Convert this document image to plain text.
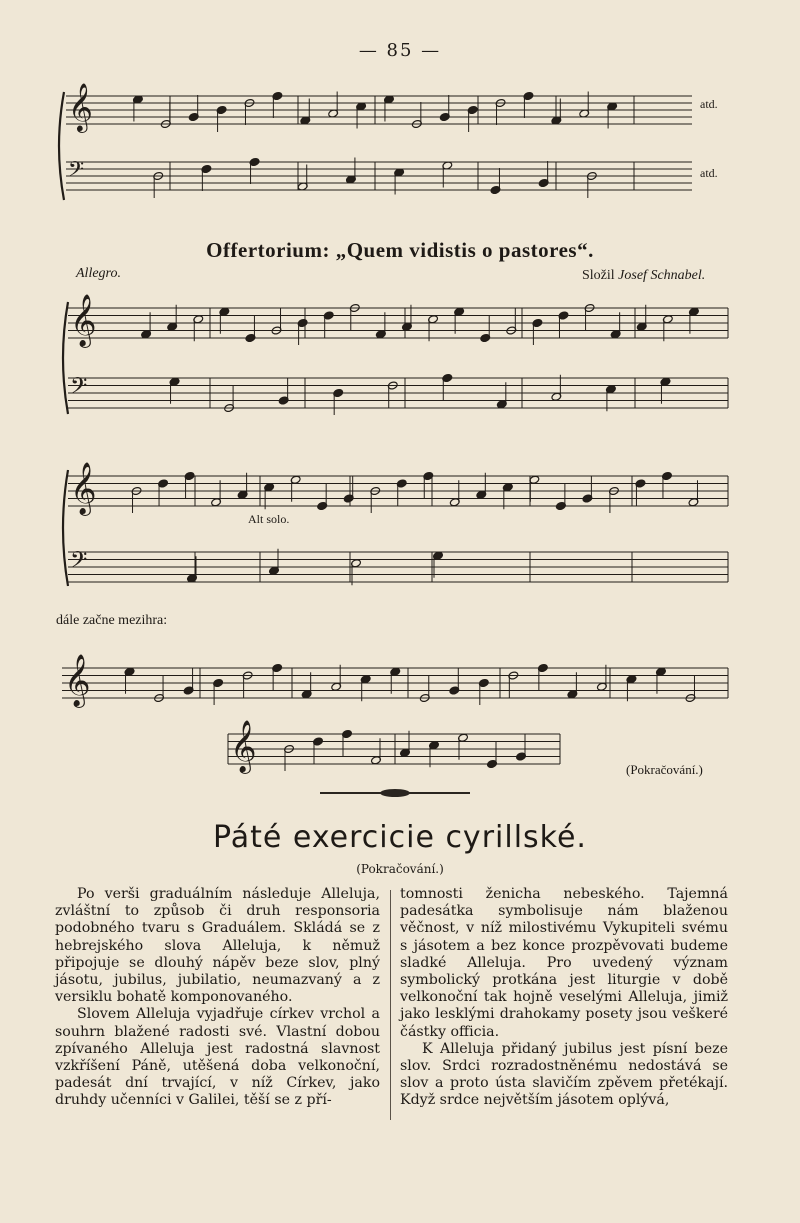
— 85 —
𝄞
𝄢
𝄞
𝄢
𝄞
𝄢
𝄞
𝄞
atd.
atd.
Offertorium: „Quem vidistis o pastores“.
Allegro.	Složil Josef Schnabel.
Alt solo.
dále začne mezihra:
(Pokračování.)
Páté exercicie cyrillské.
(Pokračování.)

Po verši graduálním následuje Alleluja, zvláštní to způsob či druh responsoria podobného tvaru s Graduálem. Skládá se z hebrejského slova Alleluja, k němuž připojuje se dlouhý nápěv beze slov, plný jásotu, jubilus, jubilatio, neumazvaný a z versiklu bohatě komponovaného.

Slovem Alleluja vyjadřuje církev vrchol a souhrn blažené radosti své. Vlastní dobou zpívaného Alleluja jest radostná slavnost vzkříšení Páně, utěšená doba velkonoční, padesát dní trvající, v níž Církev, jako druhdy učenníci v Galilei, těší se z pří-

tomnosti ženicha nebeského. Tajemná padesátka symbolisuje nám blaženou věčnost, v níž milostivému Vykupiteli svému s jásotem a bez konce prozpěvovati budeme sladké Alleluja. Pro uvedený význam symbolický protkána jest liturgie v době velkonoční tak hojně veselými Alleluja, jimiž jako lesklými drahokamy posety jsou veškeré částky officia.

K Alleluja přidaný jubilus jest písní beze slov. Srdci rozradostněnému nedostává se slov a proto ústa slavičím zpěvem přetékají. Když srdce největším jásotem oplývá,
